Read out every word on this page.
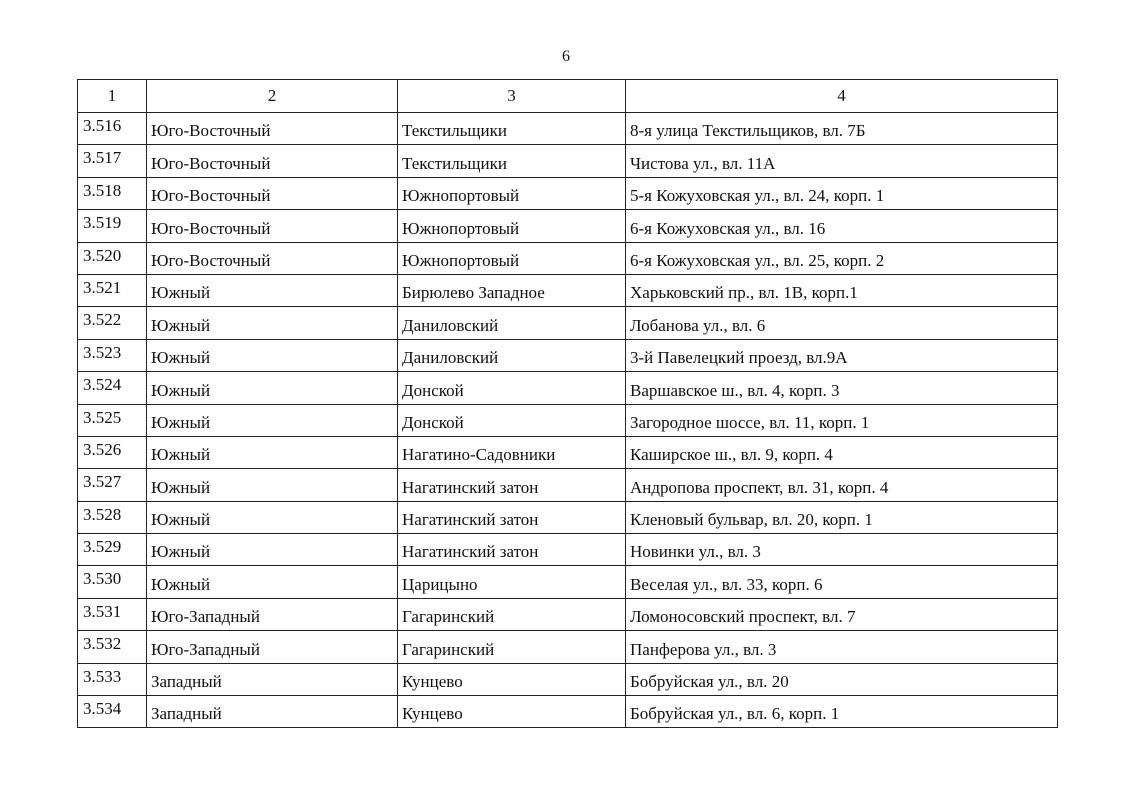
6
1	2	3	4
3.516	Юго-Восточный	Текстильщики	8-я улица Текстильщиков, вл. 7Б
3.517	Юго-Восточный	Текстильщики	Чистова ул., вл. 11А
3.518	Юго-Восточный	Южнопортовый	5-я Кожуховская ул., вл. 24, корп. 1
3.519	Юго-Восточный	Южнопортовый	6-я Кожуховская ул., вл. 16
3.520	Юго-Восточный	Южнопортовый	6-я Кожуховская ул., вл. 25, корп. 2
3.521	Южный	Бирюлево Западное	Харьковский пр., вл. 1В, корп.1
3.522	Южный	Даниловский	Лобанова ул., вл. 6
3.523	Южный	Даниловский	3-й Павелецкий проезд, вл.9А
3.524	Южный	Донской	Варшавское ш., вл. 4, корп. 3
3.525	Южный	Донской	Загородное шоссе, вл. 11, корп. 1
3.526	Южный	Нагатино-Садовники	Каширское ш., вл. 9, корп. 4
3.527	Южный	Нагатинский затон	Андропова проспект, вл. 31, корп. 4
3.528	Южный	Нагатинский затон	Кленовый бульвар, вл. 20, корп. 1
3.529	Южный	Нагатинский затон	Новинки ул., вл. 3
3.530	Южный	Царицыно	Веселая ул., вл. 33, корп. 6
3.531	Юго-Западный	Гагаринский	Ломоносовский проспект, вл. 7
3.532	Юго-Западный	Гагаринский	Панферова ул., вл. 3
3.533	Западный	Кунцево	Бобруйская ул., вл. 20
3.534	Западный	Кунцево	Бобруйская ул., вл. 6, корп. 1
